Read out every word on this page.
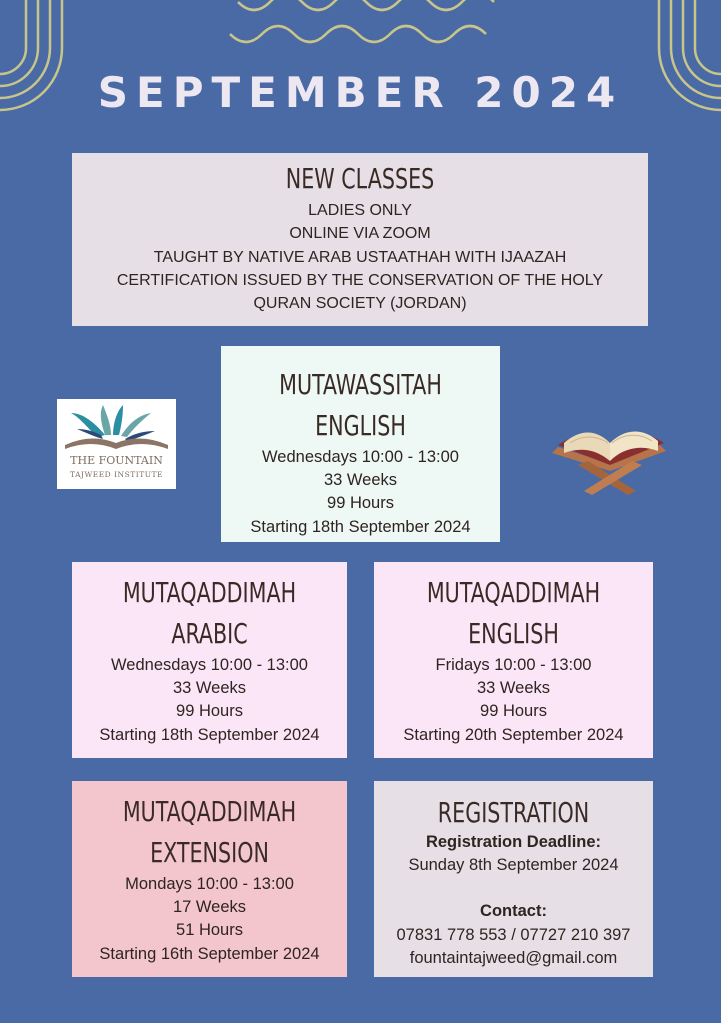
SEPTEMBER 2024
NEW CLASSES
LADIES ONLY
ONLINE VIA ZOOM
TAUGHT BY NATIVE ARAB USTAATHAH WITH IJAAZAH
CERTIFICATION ISSUED BY THE CONSERVATION OF THE HOLY
QURAN SOCIETY (JORDAN)
THE FOUNTAIN
TAJWEED INSTITUTE
MUTAWASSITAH
ENGLISH
Wednesdays 10:00 - 13:00
33 Weeks
99 Hours
Starting 18th September 2024
MUTAQADDIMAH
ARABIC
Wednesdays 10:00 - 13:00
33 Weeks
99 Hours
Starting 18th September 2024
MUTAQADDIMAH
ENGLISH
Fridays 10:00 - 13:00
33 Weeks
99 Hours
Starting 20th September 2024
MUTAQADDIMAH
EXTENSION
Mondays 10:00 - 13:00
17 Weeks
51 Hours
Starting 16th September 2024
REGISTRATION
Registration Deadline:
Sunday 8th September 2024
Contact:
07831 778 553 / 07727 210 397
fountaintajweed@gmail.com
